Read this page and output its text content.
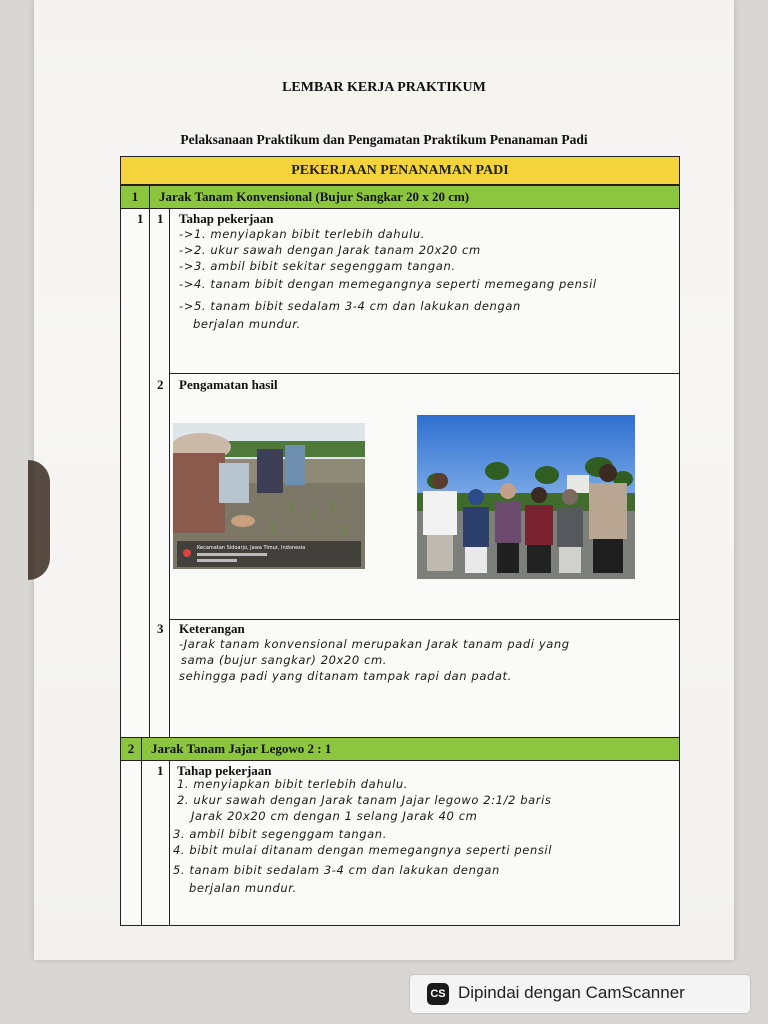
LEMBAR KERJA PRAKTIKUM
Pelaksanaan Praktikum dan Pengamatan Praktikum Penanaman Padi
PEKERJAAN PENANAMAN PADI
1	Jarak Tanam Konvensional (Bujur Sangkar 20 x 20 cm)
1 1 Tahap pekerjaan
->1. menyiapkan bibit terlebih dahulu.
->2. ukur sawah dengan Jarak tanam 20x20 cm
->3. ambil bibit sekitar segenggam tangan.
->4. tanam bibit dengan memegangnya seperti memegang pensil
->5. tanam bibit sedalam 3-4 cm dan lakukan dengan
berjalan mundur.
2 Pengamatan hasil
Kecamatan Sidoarjo, Jawa Timur, Indonesia
3 Keterangan
-Jarak tanam konvensional merupakan Jarak tanam padi yang
sama (bujur sangkar) 20x20 cm.
sehingga padi yang ditanam tampak rapi dan padat.
2	Jarak Tanam Jajar Legowo 2 : 1
1 Tahap pekerjaan
1. menyiapkan bibit terlebih dahulu.
2. ukur sawah dengan Jarak tanam Jajar legowo 2:1/2 baris
Jarak 20x20 cm dengan 1 selang Jarak 40 cm
3. ambil bibit segenggam tangan.
4. bibit mulai ditanam dengan memegangnya seperti pensil
5. tanam bibit sedalam 3-4 cm dan lakukan dengan
berjalan mundur.
CS Dipindai dengan CamScanner
